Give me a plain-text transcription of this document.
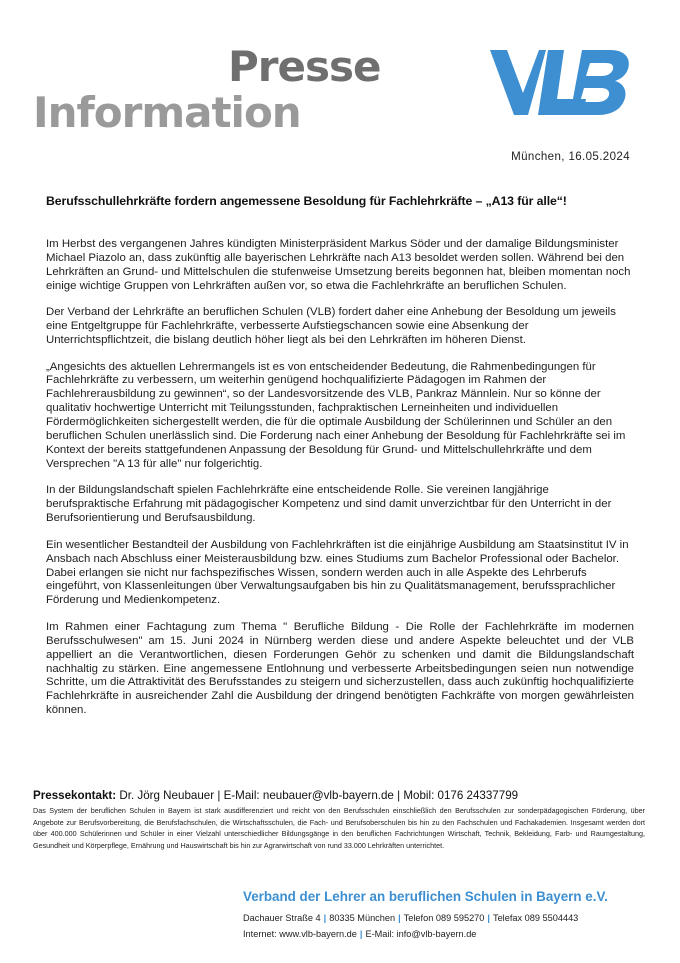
Presse
Information
München, 16.05.2024
Berufsschullehrkräfte fordern angemessene Besoldung für Fachlehrkräfte – „A13 für alle“!

Im Herbst des vergangenen Jahres kündigten Ministerpräsident Markus Söder und der damalige Bildungsminister Michael Piazolo an, dass zukünftig alle bayerischen Lehrkräfte nach A13 besoldet werden sollen. Während bei den Lehrkräften an Grund- und Mittelschulen die stufenweise Umsetzung bereits begonnen hat, bleiben momentan noch einige wichtige Gruppen von Lehrkräften außen vor, so etwa die Fachlehrkräfte an beruflichen Schulen.

Der Verband der Lehrkräfte an beruflichen Schulen (VLB) fordert daher eine Anhebung der Besoldung um jeweils eine Entgeltgruppe für Fachlehrkräfte, verbesserte Aufstiegschancen sowie eine Absenkung der Unterrichtspflichtzeit, die bislang deutlich höher liegt als bei den Lehrkräften im höheren Dienst.

„Angesichts des aktuellen Lehrermangels ist es von entscheidender Bedeutung, die Rahmenbedingungen für Fachlehrkräfte zu verbessern, um weiterhin genügend hochqualifizierte Pädagogen im Rahmen der Fachlehrerausbildung zu gewinnen“, so der Landesvorsitzende des VLB, Pankraz Männlein. Nur so könne der qualitativ hochwertige Unterricht mit Teilungsstunden, fachpraktischen Lerneinheiten und individuellen Fördermöglichkeiten sichergestellt werden, die für die optimale Ausbildung der Schülerinnen und Schüler an den beruflichen Schulen unerlässlich sind. Die Forderung nach einer Anhebung der Besoldung für Fachlehrkräfte sei im Kontext der bereits stattgefundenen Anpassung der Besoldung für Grund- und Mittelschullehrkräfte und dem Versprechen "A 13 für alle" nur folgerichtig.

In der Bildungslandschaft spielen Fachlehrkräfte eine entscheidende Rolle. Sie vereinen langjährige berufspraktische Erfahrung mit pädagogischer Kompetenz und sind damit unverzichtbar für den Unterricht in der Berufsorientierung und Berufsausbildung.

Ein wesentlicher Bestandteil der Ausbildung von Fachlehrkräften ist die einjährige Ausbildung am Staatsinstitut IV in Ansbach nach Abschluss einer Meisterausbildung bzw. eines Studiums zum Bachelor Professional oder Bachelor. Dabei erlangen sie nicht nur fachspezifisches Wissen, sondern werden auch in alle Aspekte des Lehrberufs eingeführt, von Klassenleitungen über Verwaltungsaufgaben bis hin zu Qualitätsmanagement, berufssprachlicher Förderung und Medienkompetenz.

Im Rahmen einer Fachtagung zum Thema " Berufliche Bildung - Die Rolle der Fachlehrkräfte im modernen Berufsschulwesen" am 15. Juni 2024 in Nürnberg werden diese und andere Aspekte beleuchtet und der VLB appelliert an die Verantwortlichen, diesen Forderungen Gehör zu schenken und damit die Bildungslandschaft nachhaltig zu stärken. Eine angemessene Entlohnung und verbesserte Arbeitsbedingungen seien nun notwendige Schritte, um die Attraktivität des Berufsstandes zu steigern und sicherzustellen, dass auch zukünftig hochqualifizierte Fachlehrkräfte in ausreichender Zahl die Ausbildung der dringend benötigten Fachkräfte von morgen gewährleisten können.

Pressekontakt: Dr. Jörg Neubauer | E-Mail: neubauer@vlb-bayern.de | Mobil: 0176 24337799
Das System der beruflichen Schulen in Bayern ist stark ausdifferenziert und reicht von den Berufsschulen einschließlich den Berufsschulen zur sonderpädagogischen Förderung, über Angebote zur Berufsvorbereitung, die Berufsfachschulen, die Wirtschaftsschulen, die Fach- und Berufsoberschulen bis hin zu den Fachschulen und Fachakademien. Insgesamt werden dort über 400.000 Schülerinnen und Schüler in einer Vielzahl unterschiedlicher Bildungsgänge in den beruflichen Fachrichtungen Wirtschaft, Technik, Bekleidung, Farb- und Raumgestaltung, Gesundheit und Körperpflege, Ernährung und Hauswirtschaft bis hin zur Agrarwirtschaft von rund 33.000 Lehrkräften unterrichtet.
Verband der Lehrer an beruflichen Schulen in Bayern e.V.
Dachauer Straße 4 | 80335 München | Telefon 089 595270 | Telefax 089 5504443
Internet: www.vlb-bayern.de | E-Mail: info@vlb-bayern.de
